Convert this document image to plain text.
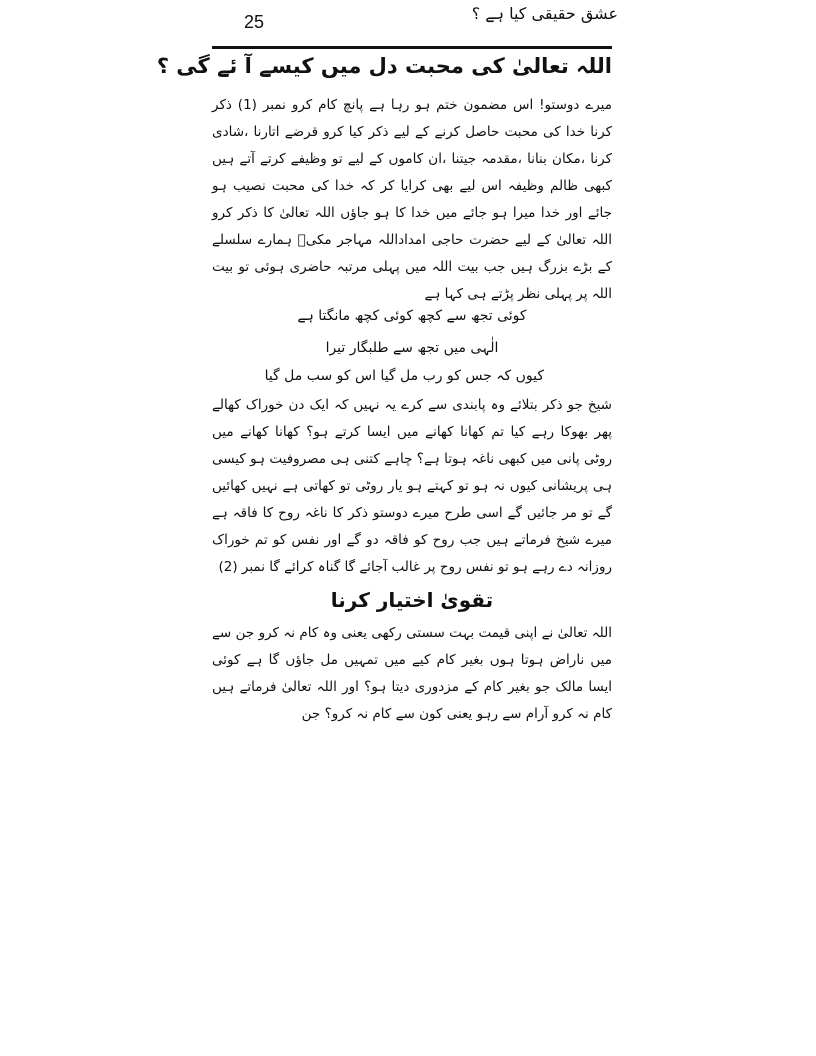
عشق حقیقی کیا ہے ؟
25
اللہ تعالیٰ کی محبت دل میں کیسے آ ئے گی ؟
میرے دوستو! اس مضمون ختم ہو رہا ہے پانچ کام کرو نمبر (1) ذکر کرنا خدا کی محبت حاصل کرنے کے لیے ذکر کیا کرو قرضے اتارنا ،شادی کرنا ،مکان بنانا ،مقدمہ جیتنا ،ان کاموں کے لیے تو وظیفے کرتے آتے ہیں کبھی ظالم وظیفہ اس لیے بھی کرایا کر کہ خدا کی محبت نصیب ہو جائے اور خدا میرا ہو جائے میں خدا کا ہو جاؤں اللہ تعالیٰ کا ذکر کرو اللہ تعالیٰ کے لیے حضرت حاجی امداداللہ مہاجر مکیؒ ہمارے سلسلے کے بڑے بزرگ ہیں جب بیت اللہ میں پہلی مرتبہ حاضری ہوئی تو بیت اللہ پر پہلی نظر پڑتے ہی کہا ہے
کوئی تجھ سے کچھ کوئی کچھ مانگتا ہے
الٰہی میں تجھ سے طلبگار تیرا
کیوں کہ جس کو رب مل گیا اس کو سب مل گیا
شیخ جو ذکر بتلائے وہ پابندی سے کرے یہ نہیں کہ ایک دن خوراک کھالے پھر بھوکا رہے کیا تم کھانا کھانے میں ایسا کرتے ہو؟ کھانا کھانے میں روٹی پانی میں کبھی ناغہ ہوتا ہے؟ چاہے کتنی ہی مصروفیت ہو کیسی ہی پریشانی کیوں نہ ہو تو کہتے ہو یار روٹی تو کھاتی ہے نہیں کھائیں گے تو مر جائیں گے اسی طرح میرے دوستو ذکر کا ناغہ روح کا فاقہ ہے میرے شیخ فرماتے ہیں جب روح کو فاقہ دو گے اور نفس کو تم خوراک روزانہ دے رہے ہو تو نفس روح پر غالب آجائے گا گناہ کرائے گا نمبر (2)
تقویٰ اختیار کرنا
اللہ تعالیٰ نے اپنی قیمت بہت سستی رکھی یعنی وہ کام نہ کرو جن سے میں ناراض ہوتا ہوں بغیر کام کیے میں تمہیں مل جاؤں گا ہے کوئی ایسا مالک جو بغیر کام کے مزدوری دیتا ہو؟ اور اللہ تعالیٰ فرماتے ہیں کام نہ کرو آرام سے رہو یعنی کون سے کام نہ کرو؟ جن
